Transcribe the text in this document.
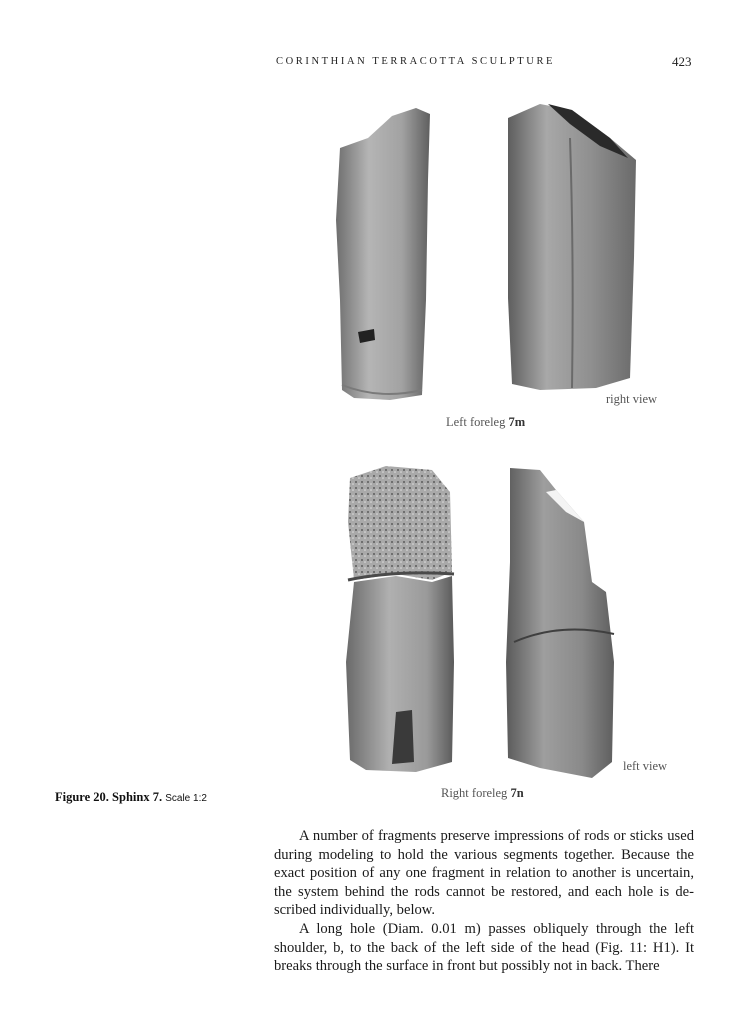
CORINTHIAN TERRACOTTA SCULPTURE	423
right view
Left foreleg 7m
left view
Right foreleg 7n
Figure 20. Sphinx 7. Scale 1:2

A number of fragments preserve impressions of rods or sticks used during modeling to hold the various segments together. Because the exact position of any one fragment in relation to another is uncertain, the system behind the rods cannot be restored, and each hole is described individually, below.

A long hole (Diam. 0.01 m) passes obliquely through the left shoulder, b, to the back of the left side of the head (Fig. 11: H1). It breaks through the surface in front but possibly not in back. There
